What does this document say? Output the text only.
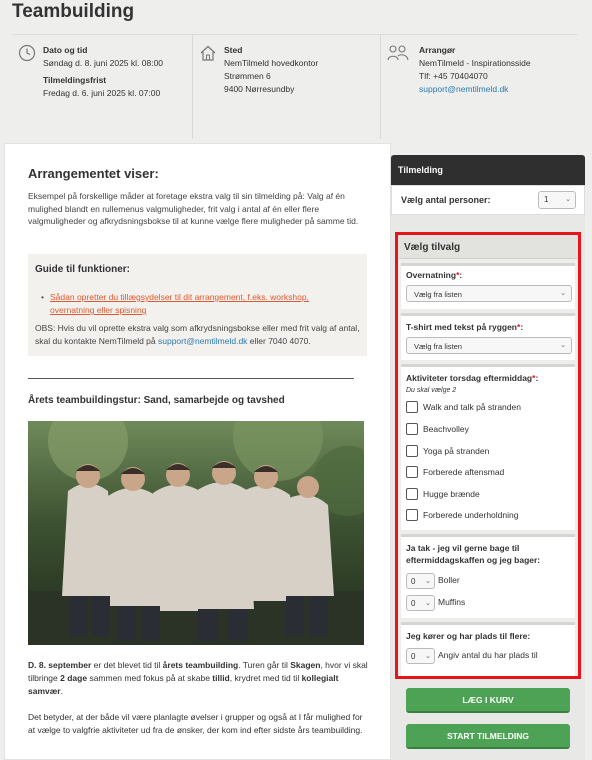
Teambuilding
Dato og tid
Søndag d. 8. juni 2025 kl. 08:00
Tilmeldingsfrist
Fredag d. 6. juni 2025 kl. 07:00
Sted
NemTilmeld hovedkontor
Strømmen 6
9400 Nørresundby
Arrangør
NemTilmeld - Inspirationsside
Tlf: +45 70404070
support@nemtilmeld.dk
Arrangementet viser:
Eksempel på forskellige måder at foretage ekstra valg til sin tilmelding på: Valg af én mulighed blandt en rullemenus valgmuligheder, frit valg i antal af én eller flere valgmuligheder og afkrydsningsbokse til at kunne vælge flere muligheder på samme tid.
Guide til funktioner:
• Sådan opretter du tillægsydelser til dit arrangement, f.eks. workshop, overnatning eller spisning
OBS: Hvis du vil oprette ekstra valg som afkrydsningsbokse eller med frit valg af antal, skal du kontakte NemTilmeld på support@nemtilmeld.dk eller 7040 4070.
Årets teambuildingstur: Sand, samarbejde og tavshed
D. 8. september er det blevet tid til årets teambuilding. Turen går til Skagen, hvor vi skal tilbringe 2 dage sammen med fokus på at skabe tillid, krydret med tid til kollegialt samvær.
Det betyder, at der både vil være planlagte øvelser i grupper og også at I får mulighed for at vælge to valgfrie aktiviteter ud fra de ønsker, der kom ind efter sidste års teambuilding.
Tilmelding
Vælg antal personer:	1 ⌄
Vælg tilvalg
Overnatning*:
Vælg fra listen	⌄
T-shirt med tekst på ryggen*:
Vælg fra listen	⌄
Aktiviteter torsdag eftermiddag*:
Du skal vælge 2
Walk and talk på stranden
Beachvolley
Yoga på stranden
Forberede aftensmad
Hugge brænde
Forberede underholdning
Ja tak - jeg vil gerne bage til
eftermiddagskaffen og jeg bager:
0 ⌄ Boller
0 ⌄ Muffins
Jeg kører og har plads til flere:
0 ⌄ Angiv antal du har plads til
LÆG I KURV
START TILMELDING
